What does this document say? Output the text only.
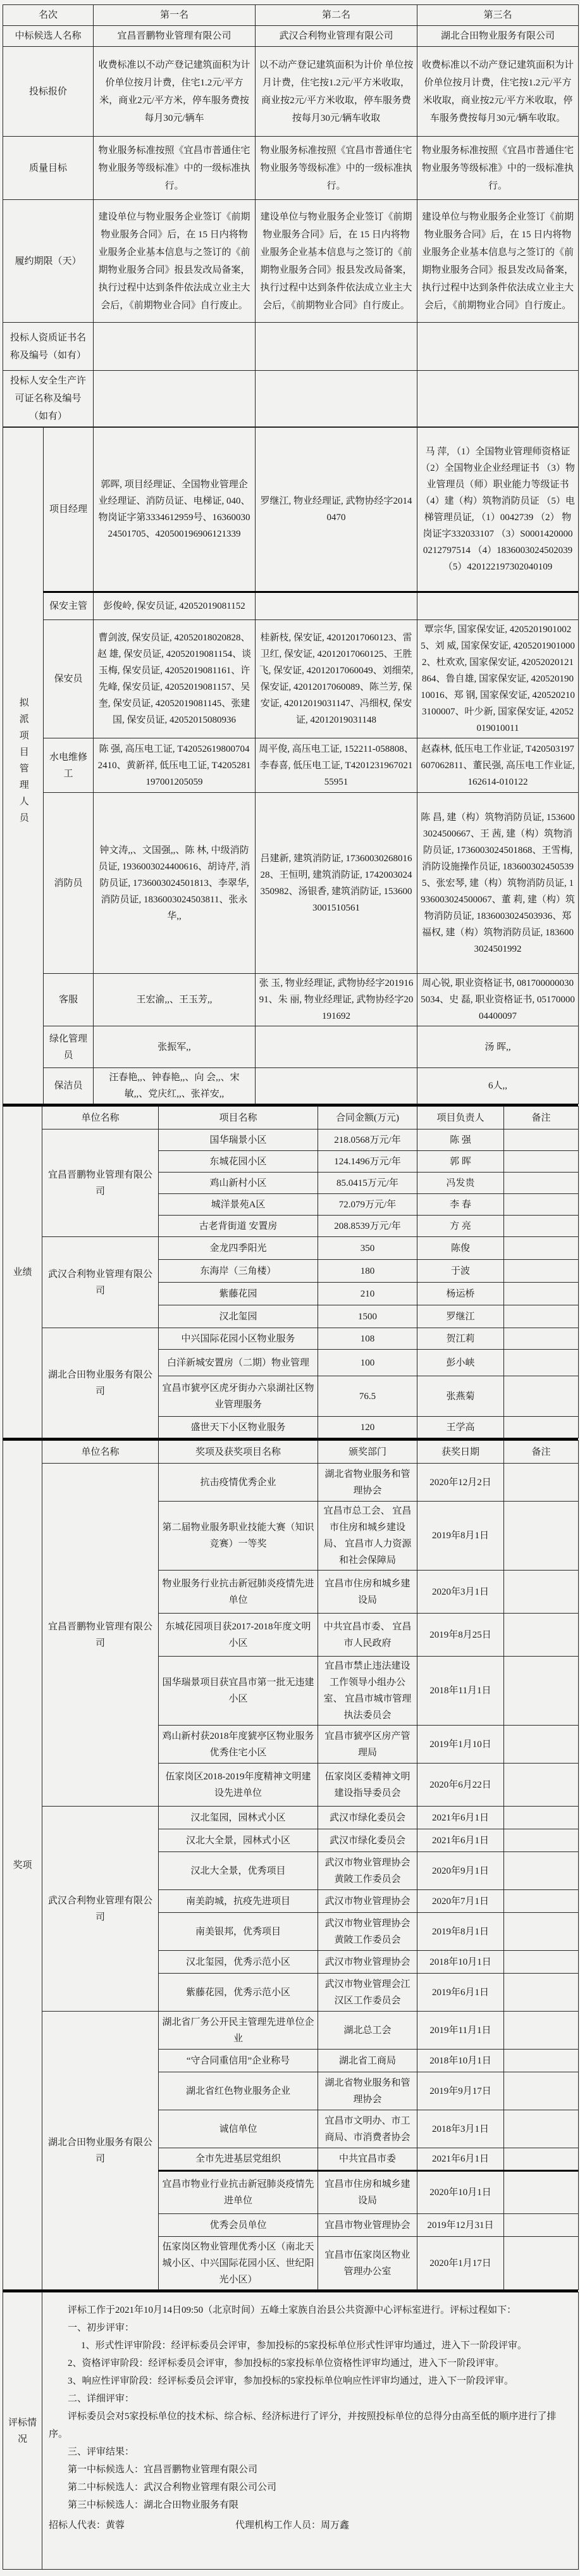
名次	第一名	第二名	第三名
中标候选人名称	宜昌晋鹏物业管理有限公司	武汉合利物业管理有限公司	湖北合田物业服务有限公司
投标报价	收费标准以不动产登记建筑面积为计价单位按月计费，住宅1.2元/平方米，商业2元/平方米，停车服务费按每月30元/辆车	以不动产登记建筑面积为计价 单位按月计费，住宅按1.2元/平方米收取，商业按2元/平方米收取，停车服务费按每月30元/辆车收取	收费标准以不动产登记建筑面积为计价单位按月计费，住宅按1.2元/平方米收取，商业按2元/平方米收取，停车服务费按每月30元/辆车收取。
质量目标	物业服务标准按照《宜昌市普通住宅物业服务等级标准》中的一级标准执行。	物业服务标准按照《宜昌市普通住宅物业服务等级标准》中的一级标准执行。	物业服务标准按照《宜昌市普通住宅物业服务等级标准》中的一级标准执行。
履约期限（天）	建设单位与物业服务企业签订《前期物业服务合同》后，在 15 日内将物业服务企业基本信息与之签订的《前期物业服务合同》报县发改局备案，执行过程中达到条件依法成立业主大会后，《前期物业合同》自行废止。	建设单位与物业服务企业签订《前期物业服务合同》后，在 15 日内将物业服务企业基本信息与之签订的《前期物业服务合同》报县发改局备案，执行过程中达到条件依法成立业主大会后，《前期物业合同》自行废止。	建设单位与物业服务企业签订《前期物业服务合同》后，在 15 日内将物业服务企业基本信息与之签订的《前期物业服务合同》报县发改局备案，执行过程中达到条件依法成立业主大会后，《前期物业合同》自行废止。
投标人资质证书名称及编号（如有）			
投标人安全生产许可证名称及编号（如有）			
拟派项目管理人员	项目经理	郭晖, 项目经理证、全国物业管理企业经理证、消防员证、电梯证, 040、物岗证字第3334612959号、1636003024501705、420500196906121339	罗继江, 物业经理证, 武物协经字20140470	马 萍, （1）全国物业管理师资格证 （2）全国物业企业经理证书 （3）物业管理员（师）职业能力等级证书 （4）建（构）筑物消防员证 （5）电梯管理员证, （1）0042739 （2） 物岗证字332033107 （3）S00014200000212797514 （4）1836003024502039 （5）420122197302040109
	保安主管	彭俊岭, 保安员证, 42052019081152		
	保安员	曹剑波, 保安员证, 42052018020828、赵 雄, 保安员证, 42052019081154、谈玉梅, 保安员证, 42052019081161、许先峰, 保安员证, 42052019081157、吴 奎, 保安员证, 42052019081145、张建国, 保安员证, 42052015080936	桂新枝, 保安证, 42012017060123、雷卫红, 保安证, 42012017060125、王胜飞, 保安证, 42012017060049、刘细荣, 保安证, 42012017060089、陈兰芳, 保安证, 42012019031147、冯细权, 保安证, 42012019031148	覃宗华, 国家保安证, 42052019010025、刘 威, 国家保安证, 42052019010002、杜欢欢, 国家保安证, 42052020121864、鲁自雄, 国家保安证, 42052019010016、郑 钢, 国家保安证, 4205202103100007、叶少新, 国家保安证, 42052019010011
	水电维修工	陈 强, 高压电工证, T420526198007042410、黄新祥, 低压电工证, T4205281197001205059	周平俊, 高压电工证, 152211-058808、李春喜, 低压电工证, T420123196702155951	赵森林, 低压电工作业证, T420503197607062811、董民强, 高压电工作业证, 162614-010122
	消防员	钟文涛,,、文国强,,、陈 林, 中级消防员证, 1936003024400616、胡诗芹, 消防员证, 1736003024501813、李翠华, 消防员证, 1836003024503811、张永华,,	吕建新, 建筑消防证, 1736003026801628、王恒明, 建筑消防证, 1742003024350982、汤银香, 建筑消防证, 1536003001510561	陈 昌, 建（构）筑物消防员证, 1536003024500667、王 茜, 建（构）筑物消防员证, 1736003024501868、王雪梅, 消防设施操作员证, 1836003024505395、张宏琴, 建（构）筑物消防员证, 1936003024500067、董 莉, 建（构）筑物消防员证, 1836003024503936、郑福权, 建（构）筑物消防员证, 1836003024501992
	客服	王宏渝,,、王玉芳,,	张 玉, 物业经理证, 武物协经字20191691、朱 丽, 物业经理证, 武物协经字20191692	周心锐, 职业资格证书, 0817000000305034、史 磊, 职业资格证书, 0517000004400097
	绿化管理员	张振军,,		汤 晖,,
	保洁员	汪春艳,,、钟春艳,,、向 会,,、宋 敏,,、党庆红,,、张祥安,,		6人,,
业绩	单位名称	项目名称	合同金额(万元)	项目负责人	备注
	宜昌晋鹏物业管理有限公司	国华瑞景小区	218.0568万元/年	陈 强	
		东城花园小区	124.1496万元/年	郭 晖	
		鸡山新村小区	85.0415万元/年	冯发贵	
		城洋景苑A区	72.079万元/年	李 春	
		古老背街道 安置房	208.8539万元/年	方 亮	
	武汉合利物业管理有限公司	金龙四季阳光	350	陈俊	
		东海岸（三角楼）	180	于波	
		紫藤花园	210	杨运桥	
		汉北玺园	1500	罗继江	
	湖北合田物业服务有限公司	中兴国际花园小区物业服务	108	贺江莉	
		白洋新城安置房（二期）物业管理	100	彭小峡	
		宜昌市猇亭区虎牙街办六泉湖社区物业管理服务	76.5	张燕菊	
		盛世天下小区物业服务	120	王学高	
奖项	单位名称	奖项及获奖项目名称	颁奖部门	获奖日期	备注
	宜昌晋鹏物业管理有限公司	抗击疫情优秀企业	湖北省物业服务和管理协会	2020年12月2日	
		第二届物业服务职业技能大赛（知识竞赛）一等奖	宜昌市总工会、 宜昌市住房和城乡建设局、 宜昌市人力资源和社会保障局	2019年8月1日	
		物业服务行业抗击新冠肺炎疫情先进单位	宜昌市住房和城乡建设局	2020年3月1日	
		东城花园项目获2017-2018年度文明小区	中共宜昌市委、 宜昌市人民政府	2019年8月25日	
		国华瑞景项目获宜昌市第一批无违建小区	宜昌市禁止违法建设工作领导小组办公室、 宜昌市城市管理执法委员会	2018年11月1日	
		鸡山新村获2018年度猇亭区物业服务优秀住宅小区	宜昌市猇亭区房产管理局	2019年1月10日	
		伍家岗区2018-2019年度精神文明建设先进单位	伍家岗区委精神文明建设指导委员会	2020年6月22日	
	武汉合利物业管理有限公司	汉北玺园，园林式小区	武汉市绿化委员会	2021年6月1日	
		汉北大全景，园林式小区	武汉市绿化委员会	2021年6月1日	
		汉北大全景，优秀项目	武汉市物业管理协会黄陂工作委员会	2020年9月1日	
		南美韵城，抗疫先进项目	武汉市物业管理协会	2020年7月1日	
		南美银邦，优秀项目	武汉市物业管理协会黄陂工作委员会	2019年8月1日	
		汉北玺园，优秀示范小区	武汉市物业管理协会	2018年10月1日	
		紫藤花园，优秀示范小区	武汉市物业管理会江汉区工作委员会	2019年6月1日	
	湖北合田物业服务有限公司	湖北省厂务公开民主管理先进单位企业	湖北总工会	2019年11月1日	
		“守合同重信用”企业称号	湖北省工商局	2018年10月1日	
		湖北省红色物业服务企业	湖北省物业服务和管理协会	2019年9月17日	
		诚信单位	宜昌市文明办、市工商局、市消费者协会	2018年3月1日	
		全市先进基层党组织	中共宜昌市委	2021年6月1日	
		宜昌市物业行业抗击新冠肺炎疫情先进单位	宜昌市住房和城乡建设局	2020年10月1日	
		优秀会员单位	宜昌市物业管理协会	2019年12月31日	
		伍家岗区物业管理优秀小区（南北天城小区、中兴国际花园小区、世纪阳光小区）	宜昌市伍家岗区物业管理办公室	2020年1月17日	
评标情况	

评标工作于2021年10月14日09:50（北京时间）五峰土家族自治县公共资源中心评标室进行。评标过程如下：

一、初步评审：

1、形式性评审阶段：经评标委员会评审，参加投标的5家投标单位形式性评审均通过，进入下一阶段评审。

2、资格评审阶段：经评标委员会评审，参加投标的5家投标单位资格性评审均通过，进入下一阶段评审。

3、响应性评审阶段：经评标委员会评审，参加投标的5家投标单位响应性评审均通过，进入下一阶段评审。

二、详细评审：

评标委员会对5家投标单位的技术标、综合标、经济标进行了评分，并按照投标单位的总得分由高至低的顺序进行了排序。

三、评审结果：

第一中标候选人：宜昌晋鹏物业管理有限公司

第二中标候选人：武汉合利物业管理有限公司公司

第三中标候选人：湖北合田物业服务有限

招标人代表：黄蓉	代理机构工作人员：周万鑫
